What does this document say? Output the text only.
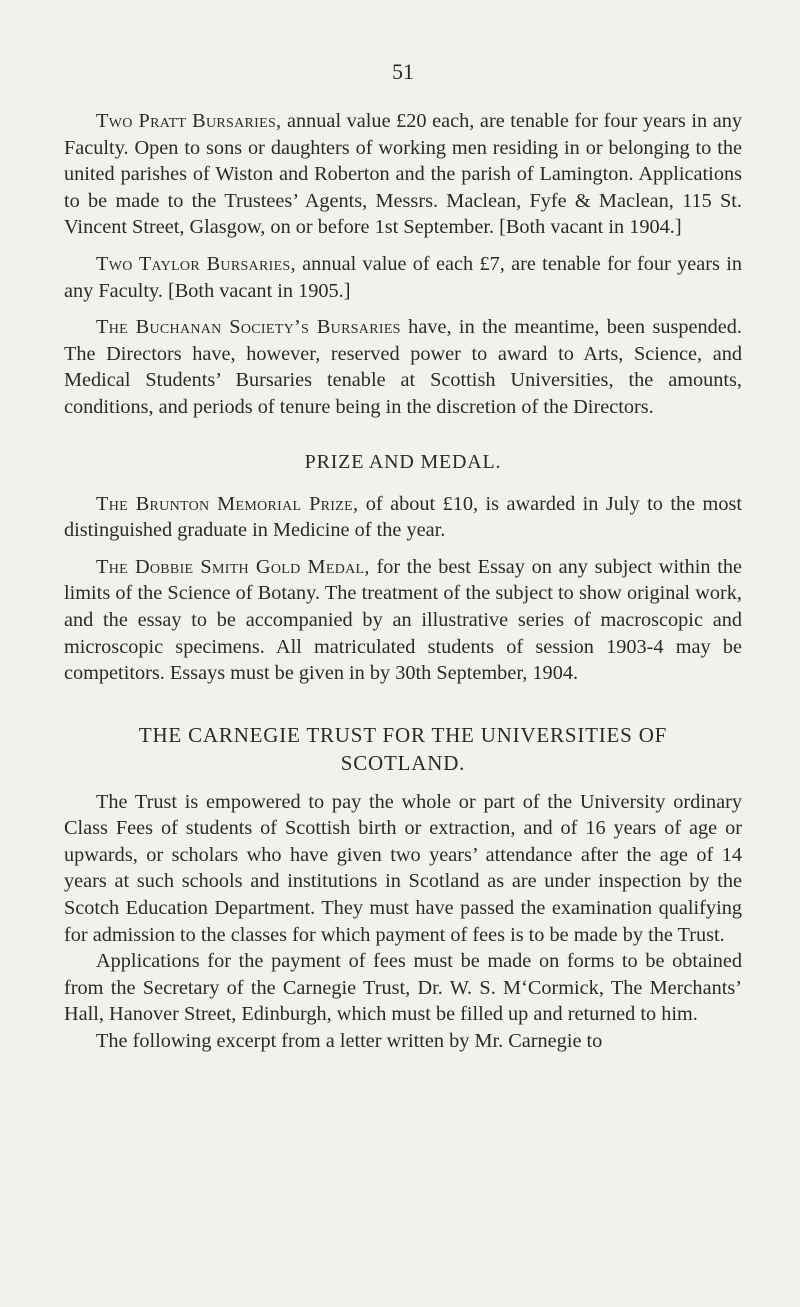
51

Two Pratt Bursaries, annual value £20 each, are tenable for four years in any Faculty. Open to sons or daughters of working men residing in or belonging to the united parishes of Wiston and Roberton and the parish of Lamington. Applications to be made to the Trustees’ Agents, Messrs. Maclean, Fyfe & Maclean, 115 St. Vincent Street, Glasgow, on or before 1st September. [Both vacant in 1904.]

Two Taylor Bursaries, annual value of each £7, are tenable for four years in any Faculty. [Both vacant in 1905.]

The Buchanan Society’s Bursaries have, in the meantime, been suspended. The Directors have, however, reserved power to award to Arts, Science, and Medical Students’ Bursaries tenable at Scottish Universities, the amounts, conditions, and periods of tenure being in the discretion of the Directors.

PRIZE AND MEDAL.

The Brunton Memorial Prize, of about £10, is awarded in July to the most distinguished graduate in Medicine of the year.

The Dobbie Smith Gold Medal, for the best Essay on any subject within the limits of the Science of Botany. The treatment of the subject to show original work, and the essay to be accompanied by an illustrative series of macroscopic and microscopic specimens. All matriculated students of session 1903-4 may be competitors. Essays must be given in by 30th September, 1904.

THE CARNEGIE TRUST FOR THE UNIVERSITIES OF
SCOTLAND.

The Trust is empowered to pay the whole or part of the University ordinary Class Fees of students of Scottish birth or extraction, and of 16 years of age or upwards, or scholars who have given two years’ attendance after the age of 14 years at such schools and institutions in Scotland as are under inspection by the Scotch Education Department. They must have passed the examination qualifying for admission to the classes for which payment of fees is to be made by the Trust.

Applications for the payment of fees must be made on forms to be obtained from the Secretary of the Carnegie Trust, Dr. W. S. M‘Cormick, The Merchants’ Hall, Hanover Street, Edinburgh, which must be filled up and returned to him.

The following excerpt from a letter written by Mr. Carnegie to
